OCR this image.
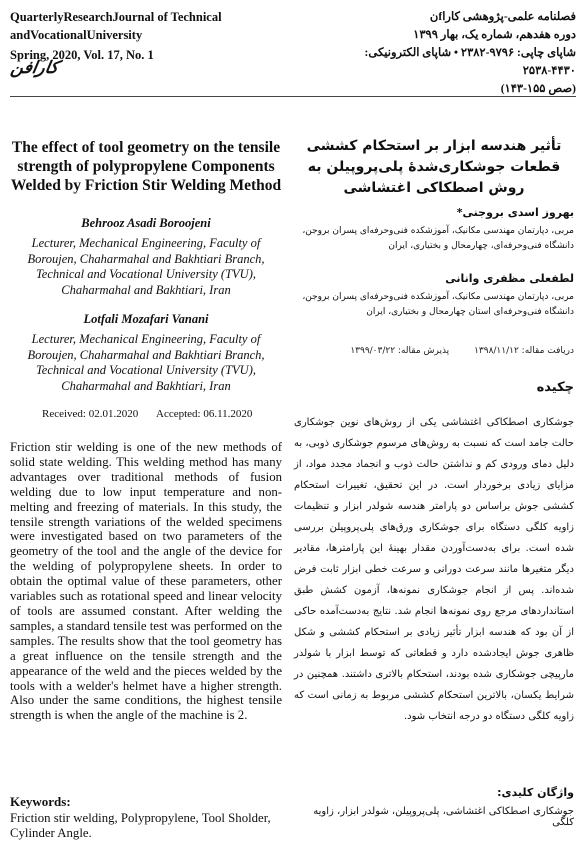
QuarterlyResearchJournal of Technical andVocationalUniversity
Spring, 2020, Vol. 17, No. 1
فصلنامه علمی-پژوهشی کاراfن
دوره هفدهم، شماره یک، بهار ۱۳۹۹
شاپای چاپی: ۹۷۹۶-۲۳۸۲ • شاپای الکترونیکی: ۴۴۳۰-۲۵۳۸
(صص ۱۵۵-۱۴۳)
کارافن
The effect of tool geometry on the tensile strength of polypropylene Components Welded by Friction Stir Welding Method
Behrooz Asadi Boroojeni
Lecturer, Mechanical Engineering, Faculty of Boroujen, Chaharmahal and Bakhtiari Branch, Technical and Vocational University (TVU), Chaharmahal and Bakhtiari, Iran
Lotfali Mozafari Vanani
Lecturer, Mechanical Engineering, Faculty of Boroujen, Chaharmahal and Bakhtiari Branch, Technical and Vocational University (TVU), Chaharmahal and Bakhtiari, Iran
Received: 02.01.2020 Accepted: 06.11.2020
Friction stir welding is one of the new methods of solid state welding. This welding method has many advantages over traditional methods of fusion welding due to low input temperature and non-melting and freezing of materials. In this study, the tensile strength variations of the welded specimens were investigated based on two parameters of the geometry of the tool and the angle of the device for the welding of polypropylene sheets. In order to obtain the optimal value of these parameters, other variables such as rotational speed and linear velocity of tools are assumed constant. After welding the samples, a standard tensile test was performed on the samples. The results show that the tool geometry has a great influence on the tensile strength and the appearance of the weld and the pieces welded by the tools with a welder's helmet have a higher strength. Also under the same conditions, the highest tensile strength is when the angle of the machine is 2.
Keywords:
Friction stir welding, Polypropylene, Tool Sholder, Cylinder Angle.
تأثیر هندسه ابزار بر استحکام کششی قطعات جوشکاری‌شدهٔ پلی‌پروپیلن به روش اصطکاکی اغتشاشی
بهروز اسدی بروجنی*
مربی، دپارتمان مهندسی مکانیک، آموزشکده فنی‌وحرفه‌ای پسران بروجن، دانشگاه فنی‌وحرفه‌ای، چهارمحال و بختیاری، ایران
لطفعلی مظفری وانانی
مربی، دپارتمان مهندسی مکانیک، آموزشکده فنی‌وحرفه‌ای پسران بروجن، دانشگاه فنی‌وحرفه‌ای استان چهارمحال و بختیاری، ایران
دریافت مقاله: ۱۳۹۸/۱۱/۱۲ پذیرش مقاله: ۱۳۹۹/۰۳/۲۲
چکیده
جوشکاری اصطکاکی اغتشاشی یکی از روش‌های نوین جوشکاری حالت جامد است که نسبت به روش‌های مرسوم جوشکاری ذوبی، به دلیل دمای ورودی کم و نداشتن حالت ذوب و انجماد مجدد مواد، از مزایای زیادی برخوردار است. در این تحقیق، تغییرات استحکام کششی جوش براساس دو پارامتر هندسه شولدر ابزار و تنظیمات زاویه کلگی دستگاه برای جوشکاری ورق‌های پلی‌پروپیلن بررسی شده است. برای به‌دست‌آوردن مقدار بهینهٔ این پارامترها، مقادیر دیگر متغیرها مانند سرعت دورانی و سرعت خطی ابزار ثابت فرض شده‌اند. پس از انجام جوشکاری نمونه‌ها، آزمون کشش طبق استانداردهای مرجع روی نمونه‌ها انجام شد. نتایج به‌دست‌آمده حاکی از آن بود که هندسه ابزار تأثیر زیادی بر استحکام کششی و شکل ظاهری جوش ایجادشده دارد و قطعاتی که توسط ابزار با شولدر مارپیچی جوشکاری شده بودند، استحکام بالاتری داشتند. همچنین در شرایط یکسان، بالاترین استحکام کششی مربوط به زمانی است که زاویه کلگی دستگاه دو درجه انتخاب شود.
واژگان کلیدی:
جوشکاری اصطکاکی اغتشاشی، پلی‌پروپیلن، شولدر ابزار، زاویه کلگی
